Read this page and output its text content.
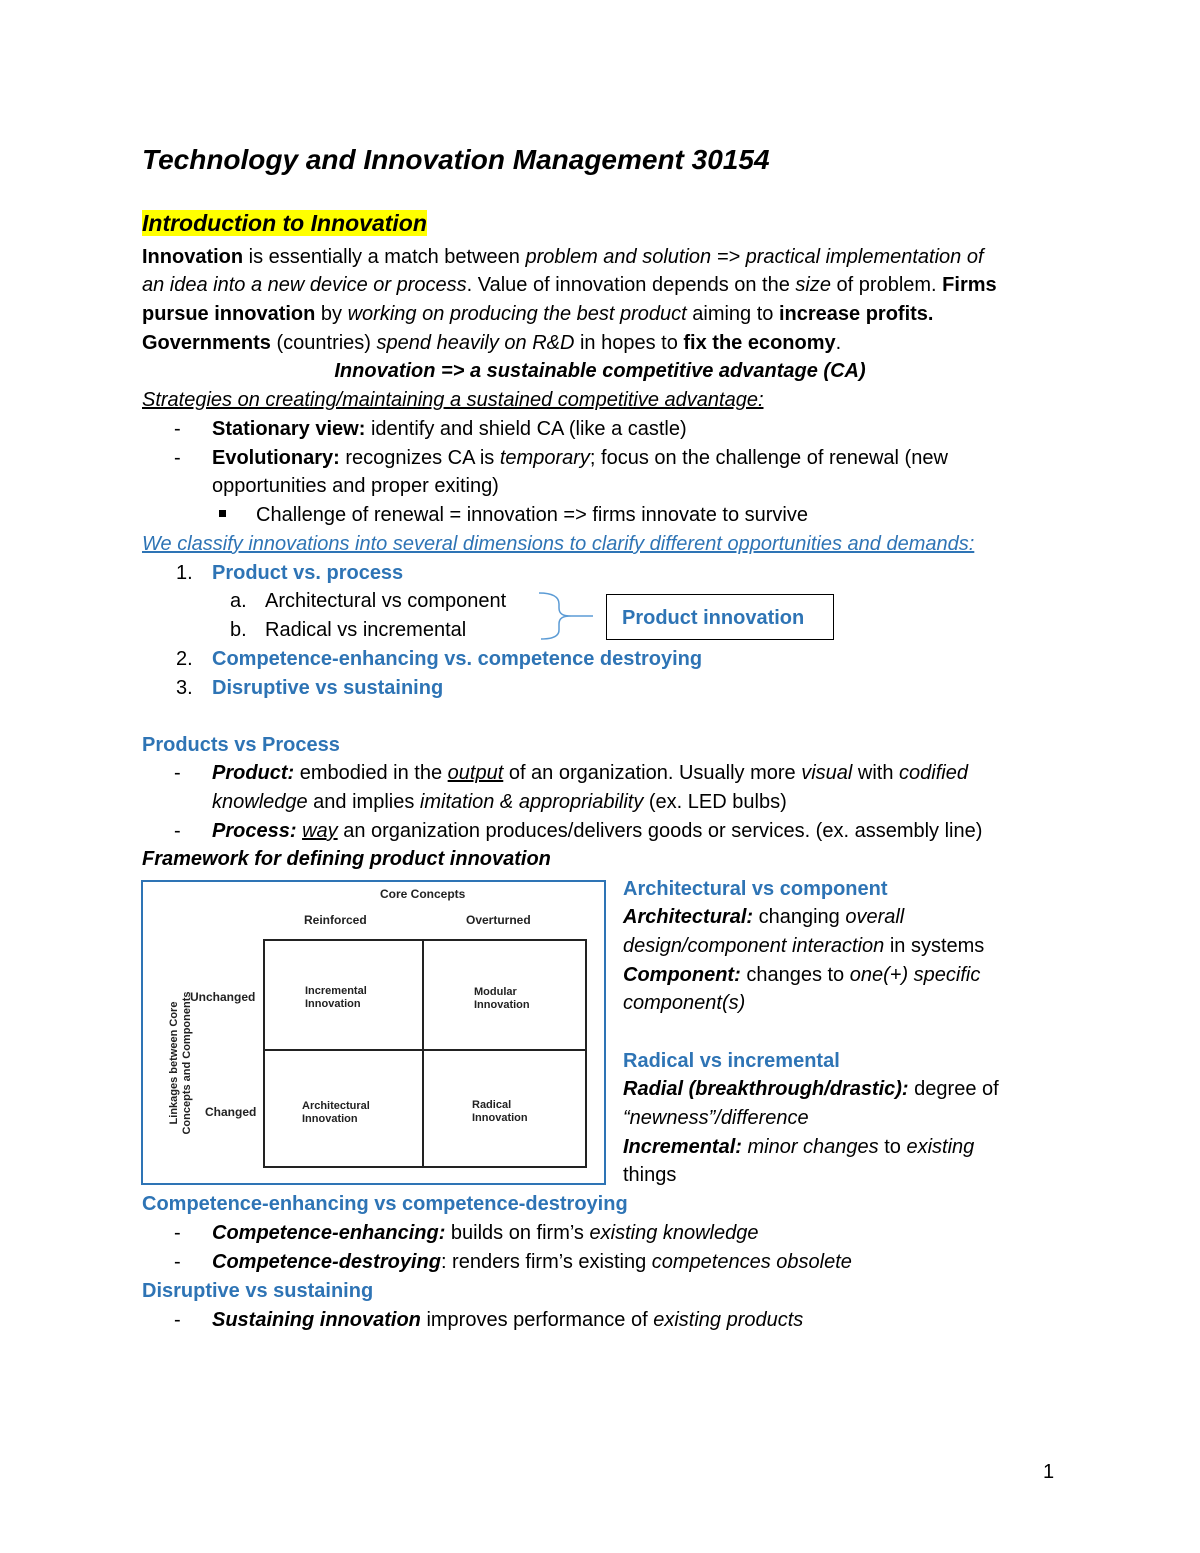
Technology and Innovation Management 30154
Introduction to Innovation
Innovation is essentially a match between problem and solution => practical implementation of
an idea into a new device or process. Value of innovation depends on the size of problem. Firms
pursue innovation by working on producing the best product aiming to increase profits.
Governments (countries) spend heavily on R&D in hopes to fix the economy.
Innovation => a sustainable competitive advantage (CA)
Strategies on creating/maintaining a sustained competitive advantage:
- Stationary view: identify and shield CA (like a castle)
- Evolutionary: recognizes CA is temporary; focus on the challenge of renewal (new
opportunities and proper exiting)
Challenge of renewal = innovation => firms innovate to survive
We classify innovations into several dimensions to clarify different opportunities and demands:
1. Product vs. process
a. Architectural vs component
b. Radical vs incremental
Product innovation
2. Competence-enhancing vs. competence destroying
3. Disruptive vs sustaining
Products vs Process
- Product: embodied in the output of an organization. Usually more visual with codified
knowledge and implies imitation & appropriability (ex. LED bulbs)
- Process: way an organization produces/delivers goods or services. (ex. assembly line)
Framework for defining product innovation
Core Concepts
Reinforced	Overturned
Unchanged
Changed
Linkages between Core Concepts and Components
Incremental
Innovation
Modular
Innovation
Architectural
Innovation
Radical
Innovation
Architectural vs component
Architectural: changing overall
design/component interaction in systems
Component: changes to one(+) specific
component(s)
Radical vs incremental
Radial (breakthrough/drastic): degree of
“newness”/difference
Incremental: minor changes to existing
things
Competence-enhancing vs competence-destroying
- Competence-enhancing: builds on firm’s existing knowledge
- Competence-destroying: renders firm’s existing competences obsolete
Disruptive vs sustaining
- Sustaining innovation improves performance of existing products
1
